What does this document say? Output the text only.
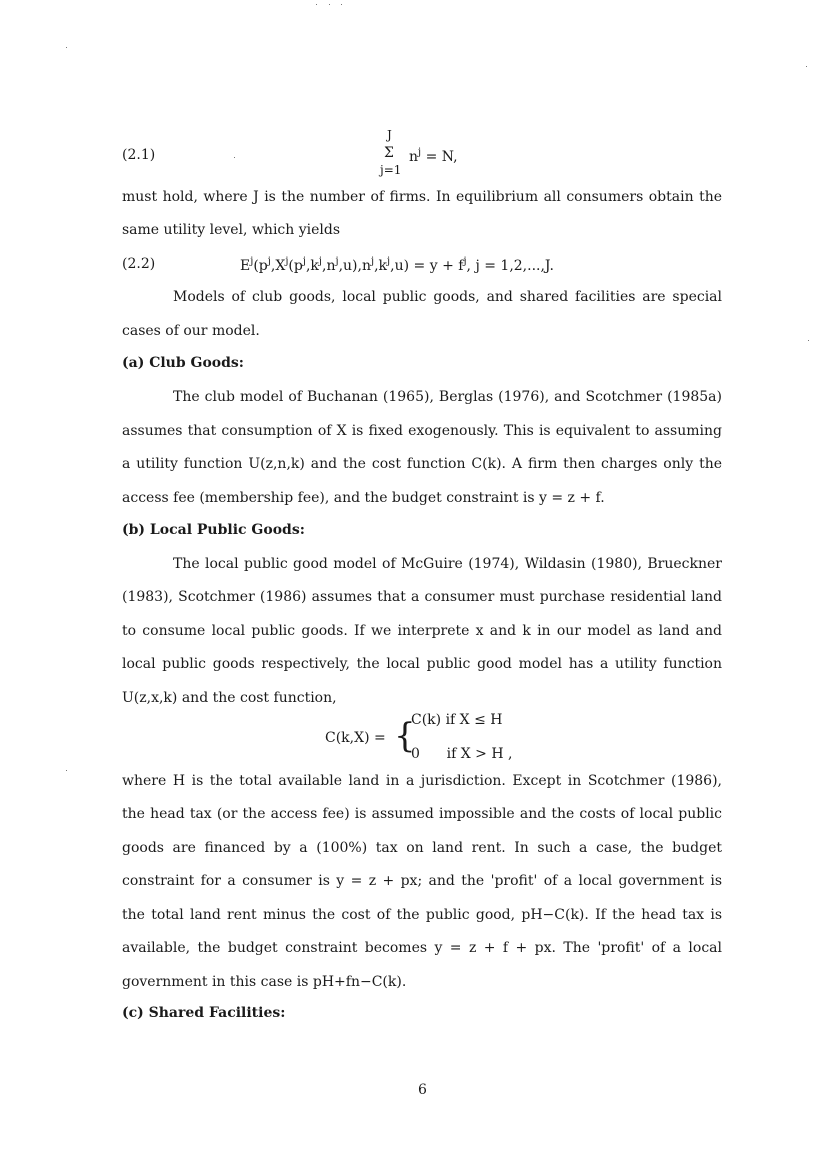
(2.1)
J
Σ
j=1
$n^j = N$,
must hold, where J is the number of firms. In equilibrium all consumers obtain the
same utility level, which yields
(2.2)	$E^j(p^j,X^j(p^j,k^j,n^j,u),n^j,k^j,u) = y + f^j$, j = 1,2,...,J.
Models of club goods, local public goods, and shared facilities are special
cases of our model.
(a) Club Goods:
The club model of Buchanan (1965), Berglas (1976), and Scotchmer (1985a)
assumes that consumption of X is fixed exogenously. This is equivalent to assuming
a utility function U(z,n,k) and the cost function C(k). A firm then charges only the
access fee (membership fee), and the budget constraint is y = z + f.
(b) Local Public Goods:
The local public good model of McGuire (1974), Wildasin (1980), Brueckner
(1983), Scotchmer (1986) assumes that a consumer must purchase residential land
to consume local public goods. If we interprete x and k in our model as land and
local public goods respectively, the local public good model has a utility function
U(z,x,k) and the cost function,
C(k,X) = {
C(k) if X ≤ H
0      if X > H ,
where H is the total available land in a jurisdiction. Except in Scotchmer (1986),
the head tax (or the access fee) is assumed impossible and the costs of local public
goods are financed by a (100%) tax on land rent. In such a case, the budget
constraint for a consumer is y = z + px; and the 'profit' of a local government is
the total land rent minus the cost of the public good, pH−C(k). If the head tax is
available, the budget constraint becomes y = z + f + px. The 'profit' of a local
government in this case is pH+fn−C(k).
(c) Shared Facilities:
6
